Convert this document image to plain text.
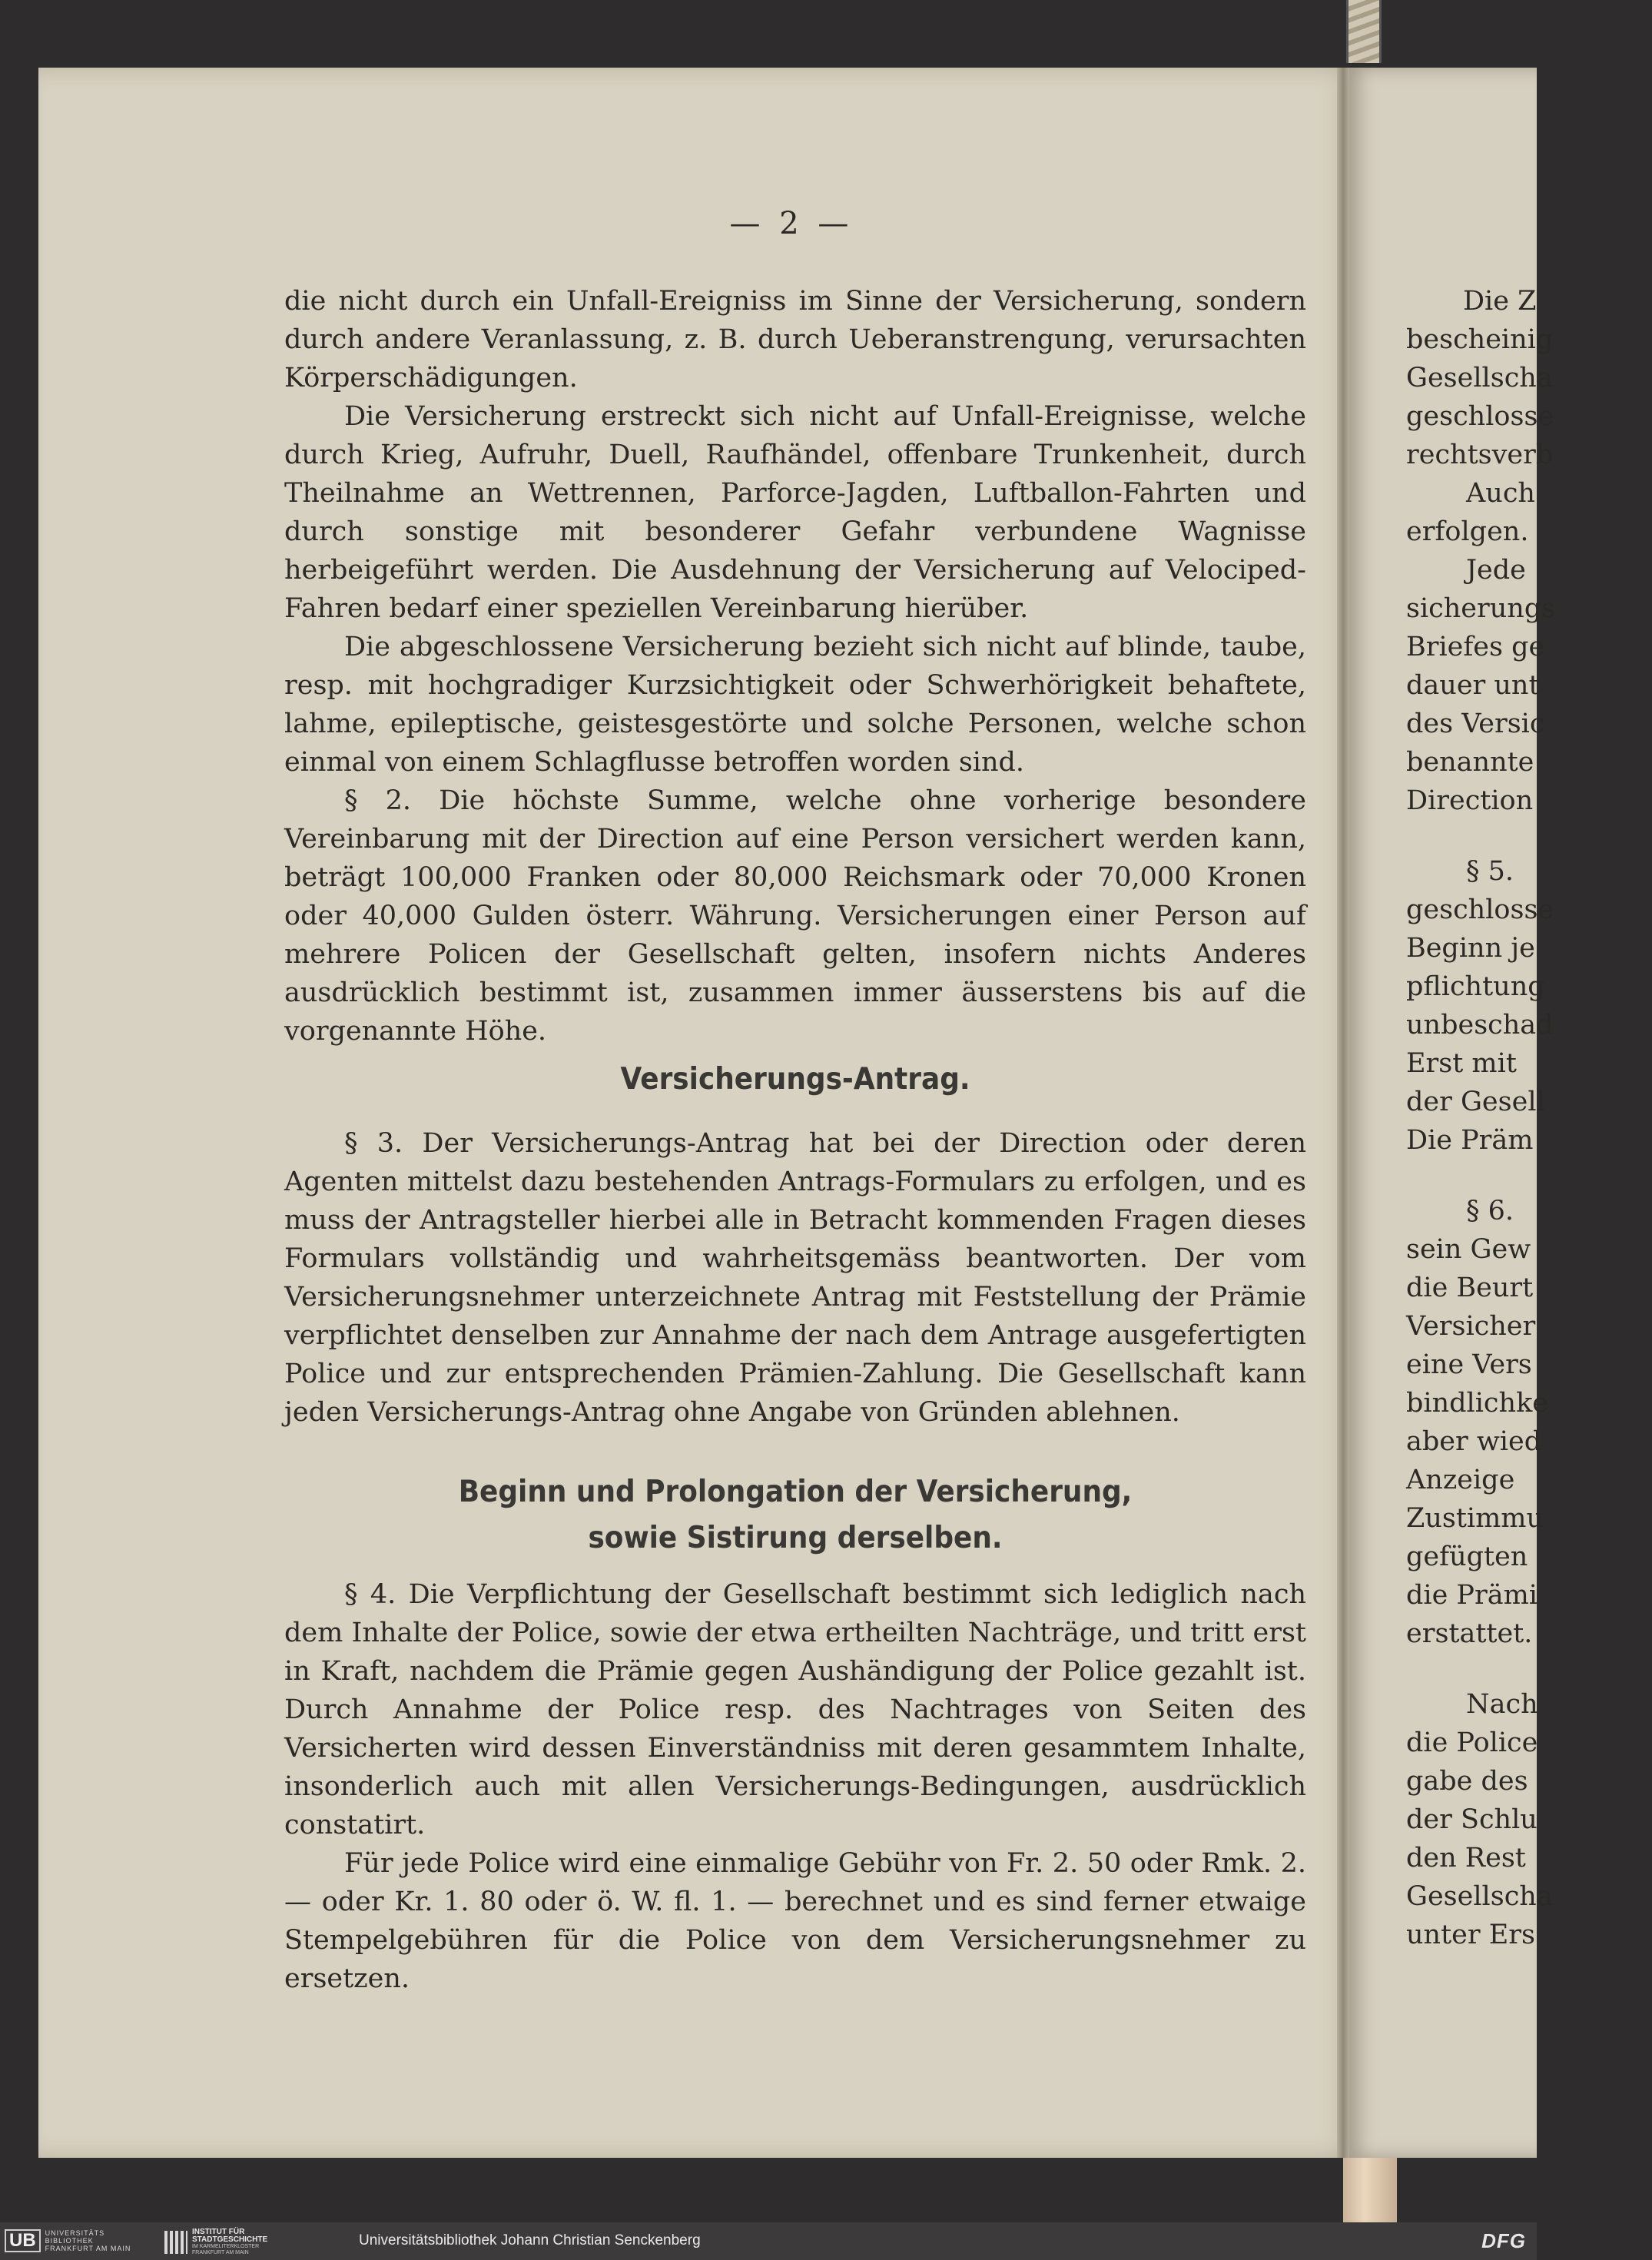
— 2 —

die nicht durch ein Unfall-Ereigniss im Sinne der Versicherung, sondern durch andere Veranlassung, z. B. durch Ueberanstrengung, verursachten Körperschädigungen.

Die Versicherung erstreckt sich nicht auf Unfall-Ereignisse, welche durch Krieg, Aufruhr, Duell, Raufhändel, offenbare Trunkenheit, durch Theilnahme an Wettrennen, Parforce-Jagden, Luftballon-Fahrten und durch sonstige mit besonderer Gefahr verbundene Wagnisse herbeigeführt werden. Die Ausdehnung der Versicherung auf Velociped-Fahren bedarf einer speziellen Vereinbarung hierüber.

Die abgeschlossene Versicherung bezieht sich nicht auf blinde, taube, resp. mit hochgradiger Kurzsichtigkeit oder Schwerhörigkeit behaftete, lahme, epileptische, geistesgestörte und solche Personen, welche schon einmal von einem Schlagflusse betroffen worden sind.

§ 2. Die höchste Summe, welche ohne vorherige besondere Vereinbarung mit der Direction auf eine Person versichert werden kann, beträgt 100,000 Franken oder 80,000 Reichsmark oder 70,000 Kronen oder 40,000 Gulden österr. Währung. Versicherungen einer Person auf mehrere Policen der Gesellschaft gelten, insofern nichts Anderes ausdrücklich bestimmt ist, zusammen immer äusserstens bis auf die vorgenannte Höhe.

Versicherungs-Antrag.

§ 3. Der Versicherungs-Antrag hat bei der Direction oder deren Agenten mittelst dazu bestehenden Antrags-Formulars zu erfolgen, und es muss der Antragsteller hierbei alle in Betracht kommenden Fragen dieses Formulars vollständig und wahrheitsgemäss beantworten. Der vom Versicherungsnehmer unterzeichnete Antrag mit Feststellung der Prämie verpflichtet denselben zur Annahme der nach dem Antrage ausgefertigten Police und zur entsprechenden Prämien-Zahlung. Die Gesellschaft kann jeden Versicherungs-Antrag ohne Angabe von Gründen ablehnen.

Beginn und Prolongation der Versicherung,
sowie Sistirung derselben.

§ 4. Die Verpflichtung der Gesellschaft bestimmt sich lediglich nach dem Inhalte der Police, sowie der etwa ertheilten Nachträge, und tritt erst in Kraft, nachdem die Prämie gegen Aushändigung der Police gezahlt ist. Durch Annahme der Police resp. des Nachtrages von Seiten des Versicherten wird dessen Einverständniss mit deren gesammtem Inhalte, insonderlich auch mit allen Versicherungs-Bedingungen, ausdrücklich constatirt.

Für jede Police wird eine einmalige Gebühr von Fr. 2. 50 oder Rmk. 2. — oder Kr. 1. 80 oder ö. W. fl. 1. — berechnet und es sind ferner etwaige Stempelgebühren für die Police von dem Versicherungsnehmer zu ersetzen.

Die Z
bescheinig
Gesellscha
geschlosse
rechtsverb
Auch
erfolgen.
Jede
sicherungs
Briefes ge
dauer unt
des Versic
benannte
Direction
§ 5.
geschlosse
Beginn je
pflichtung
unbeschad
Erst mit
der Gesell
Die Präm
§ 6.
sein Gew
die Beurt
Versicher
eine Vers
bindlichke
aber wied
Anzeige
Zustimmu
gefügten
die Prämi
erstattet.
Nach
die Police
gabe des
der Schlu
den Rest
Gesellscha
unter Ers
UB	UNIVERSITÄTS
BIBLIOTHEK
FRANKFURT AM MAIN
INSTITUT FÜR
STADTGESCHICHTE
IM KARMELITERKLOSTER
FRANKFURT AM MAIN
Universitätsbibliothek Johann Christian Senckenberg	DFG
